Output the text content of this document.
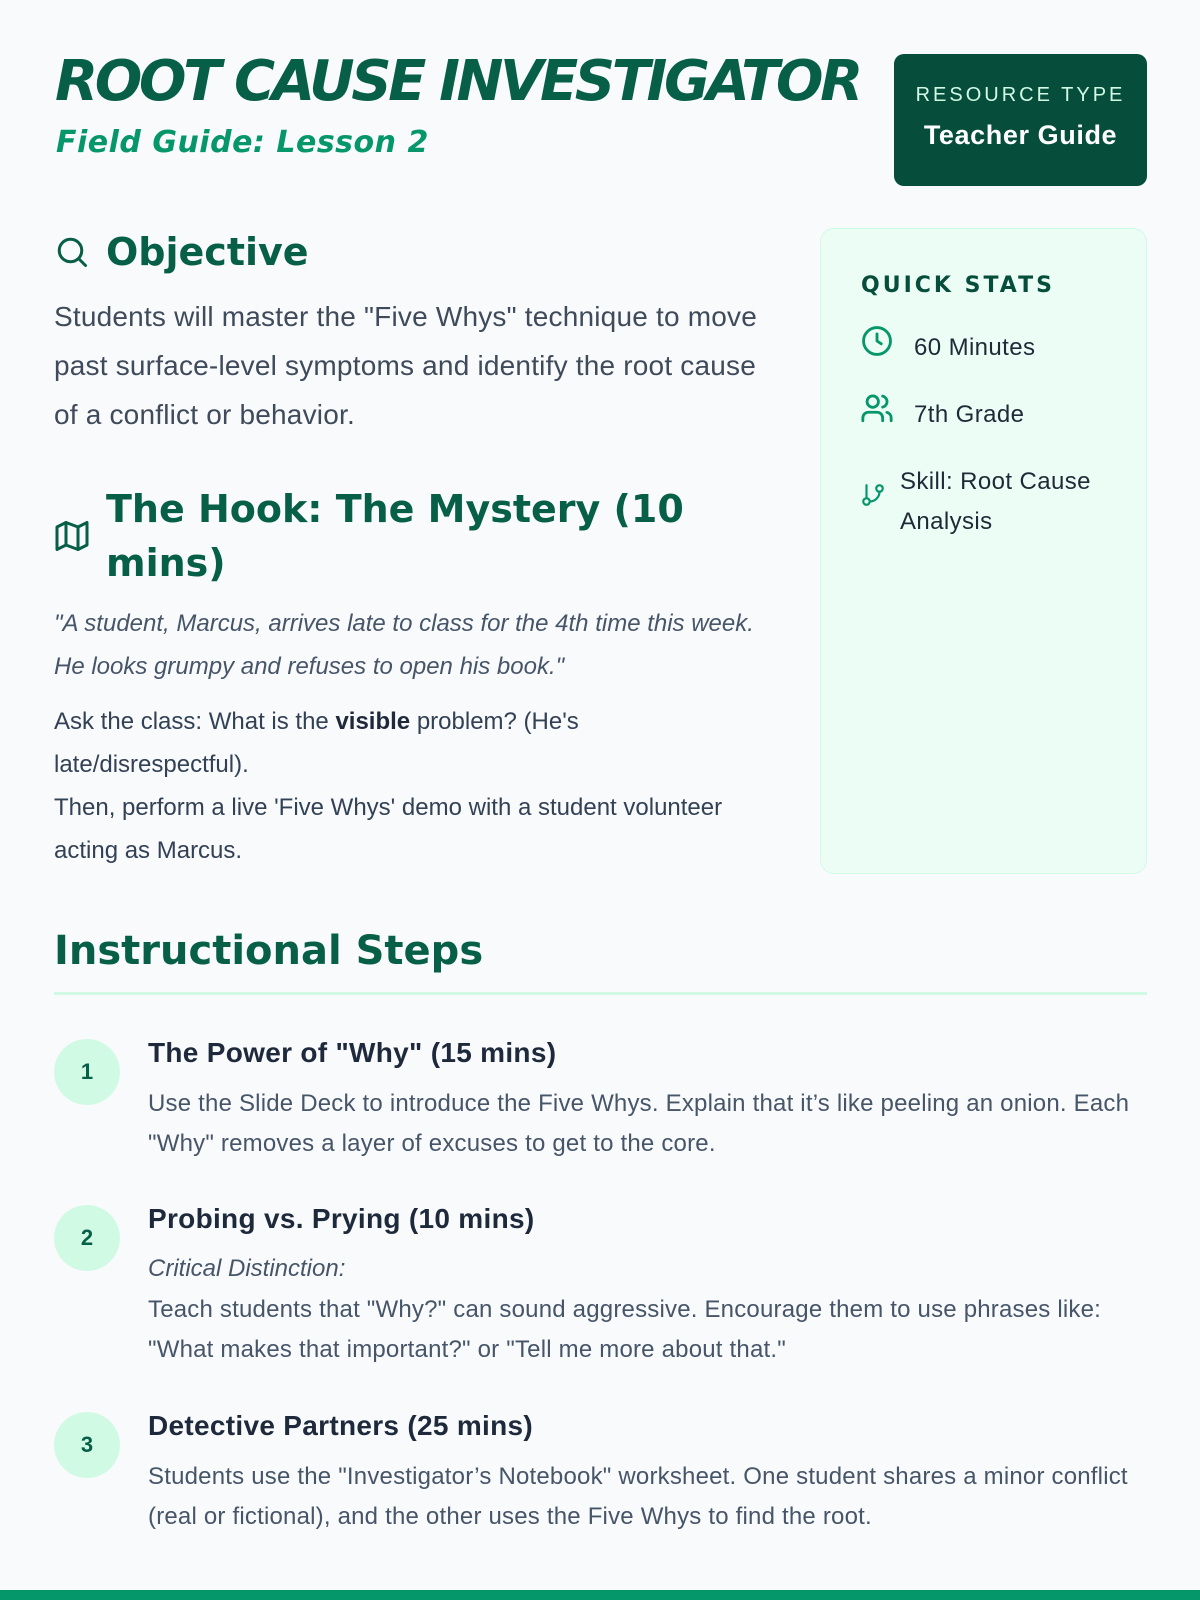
ROOT CAUSE INVESTIGATOR
Field Guide: Lesson 2
RESOURCE TYPE
Teacher Guide
Objective

Students will master the "Five Whys" technique to move past surface-level symptoms and identify the root cause of a conflict or behavior.

The Hook: The Mystery (10 mins)

"A student, Marcus, arrives late to class for the 4th time this week. He looks grumpy and refuses to open his book."

Ask the class: What is the visible problem? (He's late/disrespectful).
Then, perform a live 'Five Whys' demo with a student volunteer acting as Marcus.
QUICK STATS
60 Minutes
7th Grade
Skill: Root Cause Analysis
Instructional Steps
1
The Power of "Why" (15 mins)
Use the Slide Deck to introduce the Five Whys. Explain that it’s like peeling an onion. Each "Why" removes a layer of excuses to get to the core.
2
Probing vs. Prying (10 mins)
Critical Distinction:
Teach students that "Why?" can sound aggressive. Encourage them to use phrases like: "What makes that important?" or "Tell me more about that."
3
Detective Partners (25 mins)
Students use the "Investigator’s Notebook" worksheet. One student shares a minor conflict (real or fictional), and the other uses the Five Whys to find the root.
